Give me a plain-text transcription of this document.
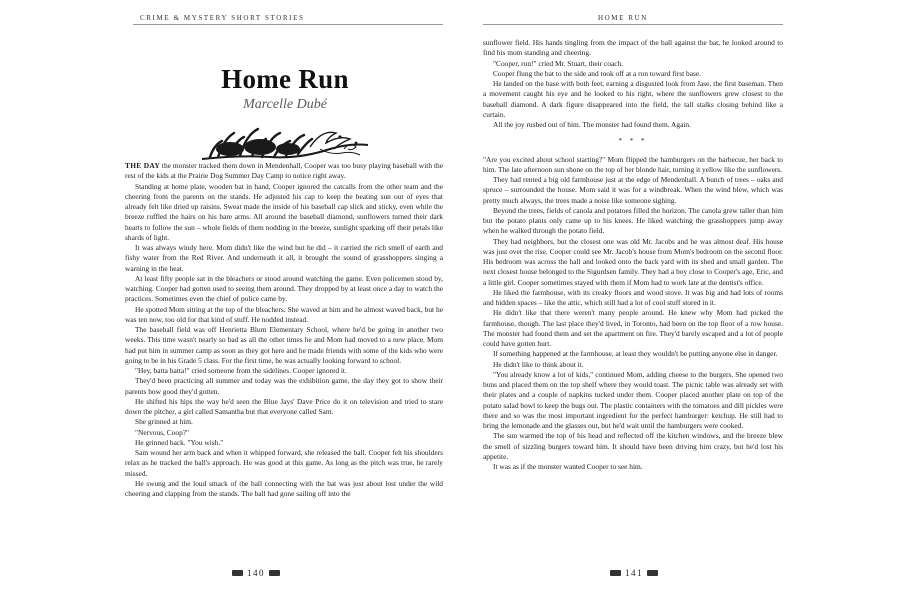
CRIME & MYSTERY SHORT STORIES
Home Run
Marcelle Dubé

THE DAY the monster tracked them down in Mendenhall, Cooper was too busy playing baseball with the rest of the kids at the Prairie Dog Summer Day Camp to notice right away.

Standing at home plate, wooden bat in hand, Cooper ignored the catcalls from the other team and the cheering from the parents on the stands. He adjusted his cap to keep the beating sun out of eyes that already felt like dried up raisins. Sweat made the inside of his baseball cap slick and sticky, even while the breeze ruffled the hairs on his bare arms. All around the baseball diamond, sunflowers turned their dark hearts to follow the sun – whole fields of them nodding in the breeze, sunlight sparking off their petals like shards of light.

It was always windy here. Mom didn't like the wind but he did – it carried the rich smell of earth and fishy water from the Red River. And underneath it all, it brought the sound of grasshoppers singing a warning in the heat.

At least fifty people sat in the bleachers or stood around watching the game. Even policemen stood by, watching. Cooper had gotten used to seeing them around. They dropped by at least once a day to watch the practices. Sometimes even the chief of police came by.

He spotted Mom sitting at the top of the bleachers. She waved at him and he almost waved back, but he was ten now, too old for that kind of stuff. He nodded instead.

The baseball field was off Henrietta Blum Elementary School, where he'd be going in another two weeks. This time wasn't nearly so bad as all the other times he and Mom had moved to a new place. Mom had put him in summer camp as soon as they got here and he made friends with some of the kids who were going to be in his Grade 5 class. For the first time, he was actually looking forward to school.

"Hey, batta batta!" cried someone from the sidelines. Cooper ignored it.

They'd been practicing all summer and today was the exhibition game, the day they got to show their parents how good they'd gotten.

He shifted his hips the way he'd seen the Blue Jays' Dave Price do it on television and tried to stare down the pitcher, a girl called Samantha but that everyone called Sam.

She grinned at him.

"Nervous, Coop?"

He grinned back. "You wish."

Sam wound her arm back and when it whipped forward, she released the ball. Cooper felt his shoulders relax as he tracked the ball's approach. He was good at this game. As long as the pitch was true, he rarely missed.

He swung and the loud smack of the ball connecting with the bat was just about lost under the wild cheering and clapping from the stands. The ball had gone sailing off into the

140
HOME RUN

sunflower field. His hands tingling from the impact of the ball against the bat, he looked around to find his mom standing and cheering.

"Cooper, run!" cried Mr. Stuart, their coach.

Cooper flung the bat to the side and took off at a run toward first base.

He landed on the base with both feet, earning a disgusted look from Jase, the first baseman. Then a movement caught his eye and he looked to his right, where the sunflowers grew closest to the baseball diamond. A dark figure disappeared into the field, the tall stalks closing behind like a curtain.

All the joy rushed out of him. The monster had found them. Again.

* * *

"Are you excited about school starting?" Mom flipped the hamburgers on the barbecue, her back to him. The late afternoon sun shone on the top of her blonde hair, turning it yellow like the sunflowers.

They had rented a big old farmhouse just at the edge of Mendenhall. A bunch of trees – oaks and spruce – surrounded the house. Mom said it was for a windbreak. When the wind blew, which was pretty much always, the trees made a noise like someone sighing.

Beyond the trees, fields of canola and potatoes filled the horizon. The canola grew taller than him but the potato plants only came up to his knees. He liked watching the grasshoppers jump away when he walked through the potato field.

They had neighbors, but the closest one was old Mr. Jacobs and he was almost deaf. His house was just over the rise. Cooper could see Mr. Jacob's house from Mom's bedroom on the second floor. His bedroom was across the hall and looked onto the back yard with its shed and small garden. The next closest house belonged to the Sigurdsen family. They had a boy close to Cooper's age, Eric, and a little girl. Cooper sometimes stayed with them if Mom had to work late at the dentist's office.

He liked the farmhouse, with its creaky floors and wood stove. It was big and had lots of rooms and hidden spaces – like the attic, which still had a lot of cool stuff stored in it.

He didn't like that there weren't many people around. He knew why Mom had picked the farmhouse, though. The last place they'd lived, in Toronto, had been on the top floor of a row house. The monster had found them and set the apartment on fire. They'd barely escaped and a lot of people could have gotten hurt.

If something happened at the farmhouse, at least they wouldn't be putting anyone else in danger.

He didn't like to think about it.

"You already know a lot of kids," continued Mom, adding cheese to the burgers. She opened two buns and placed them on the top shelf where they would toast. The picnic table was already set with their plates and a couple of napkins tucked under them. Cooper placed another plate on top of the potato salad bowl to keep the bugs out. The plastic containers with the tomatoes and dill pickles were there and so was the most important ingredient for the perfect hamburger: ketchup. He still had to bring the lemonade and the glasses out, but he'd wait until the hamburgers were cooked.

The sun warmed the top of his head and reflected off the kitchen windows, and the breeze blew the smell of sizzling burgers toward him. It should have been driving him crazy, but he'd lost his appetite.

It was as if the monster wanted Cooper to see him.

141
